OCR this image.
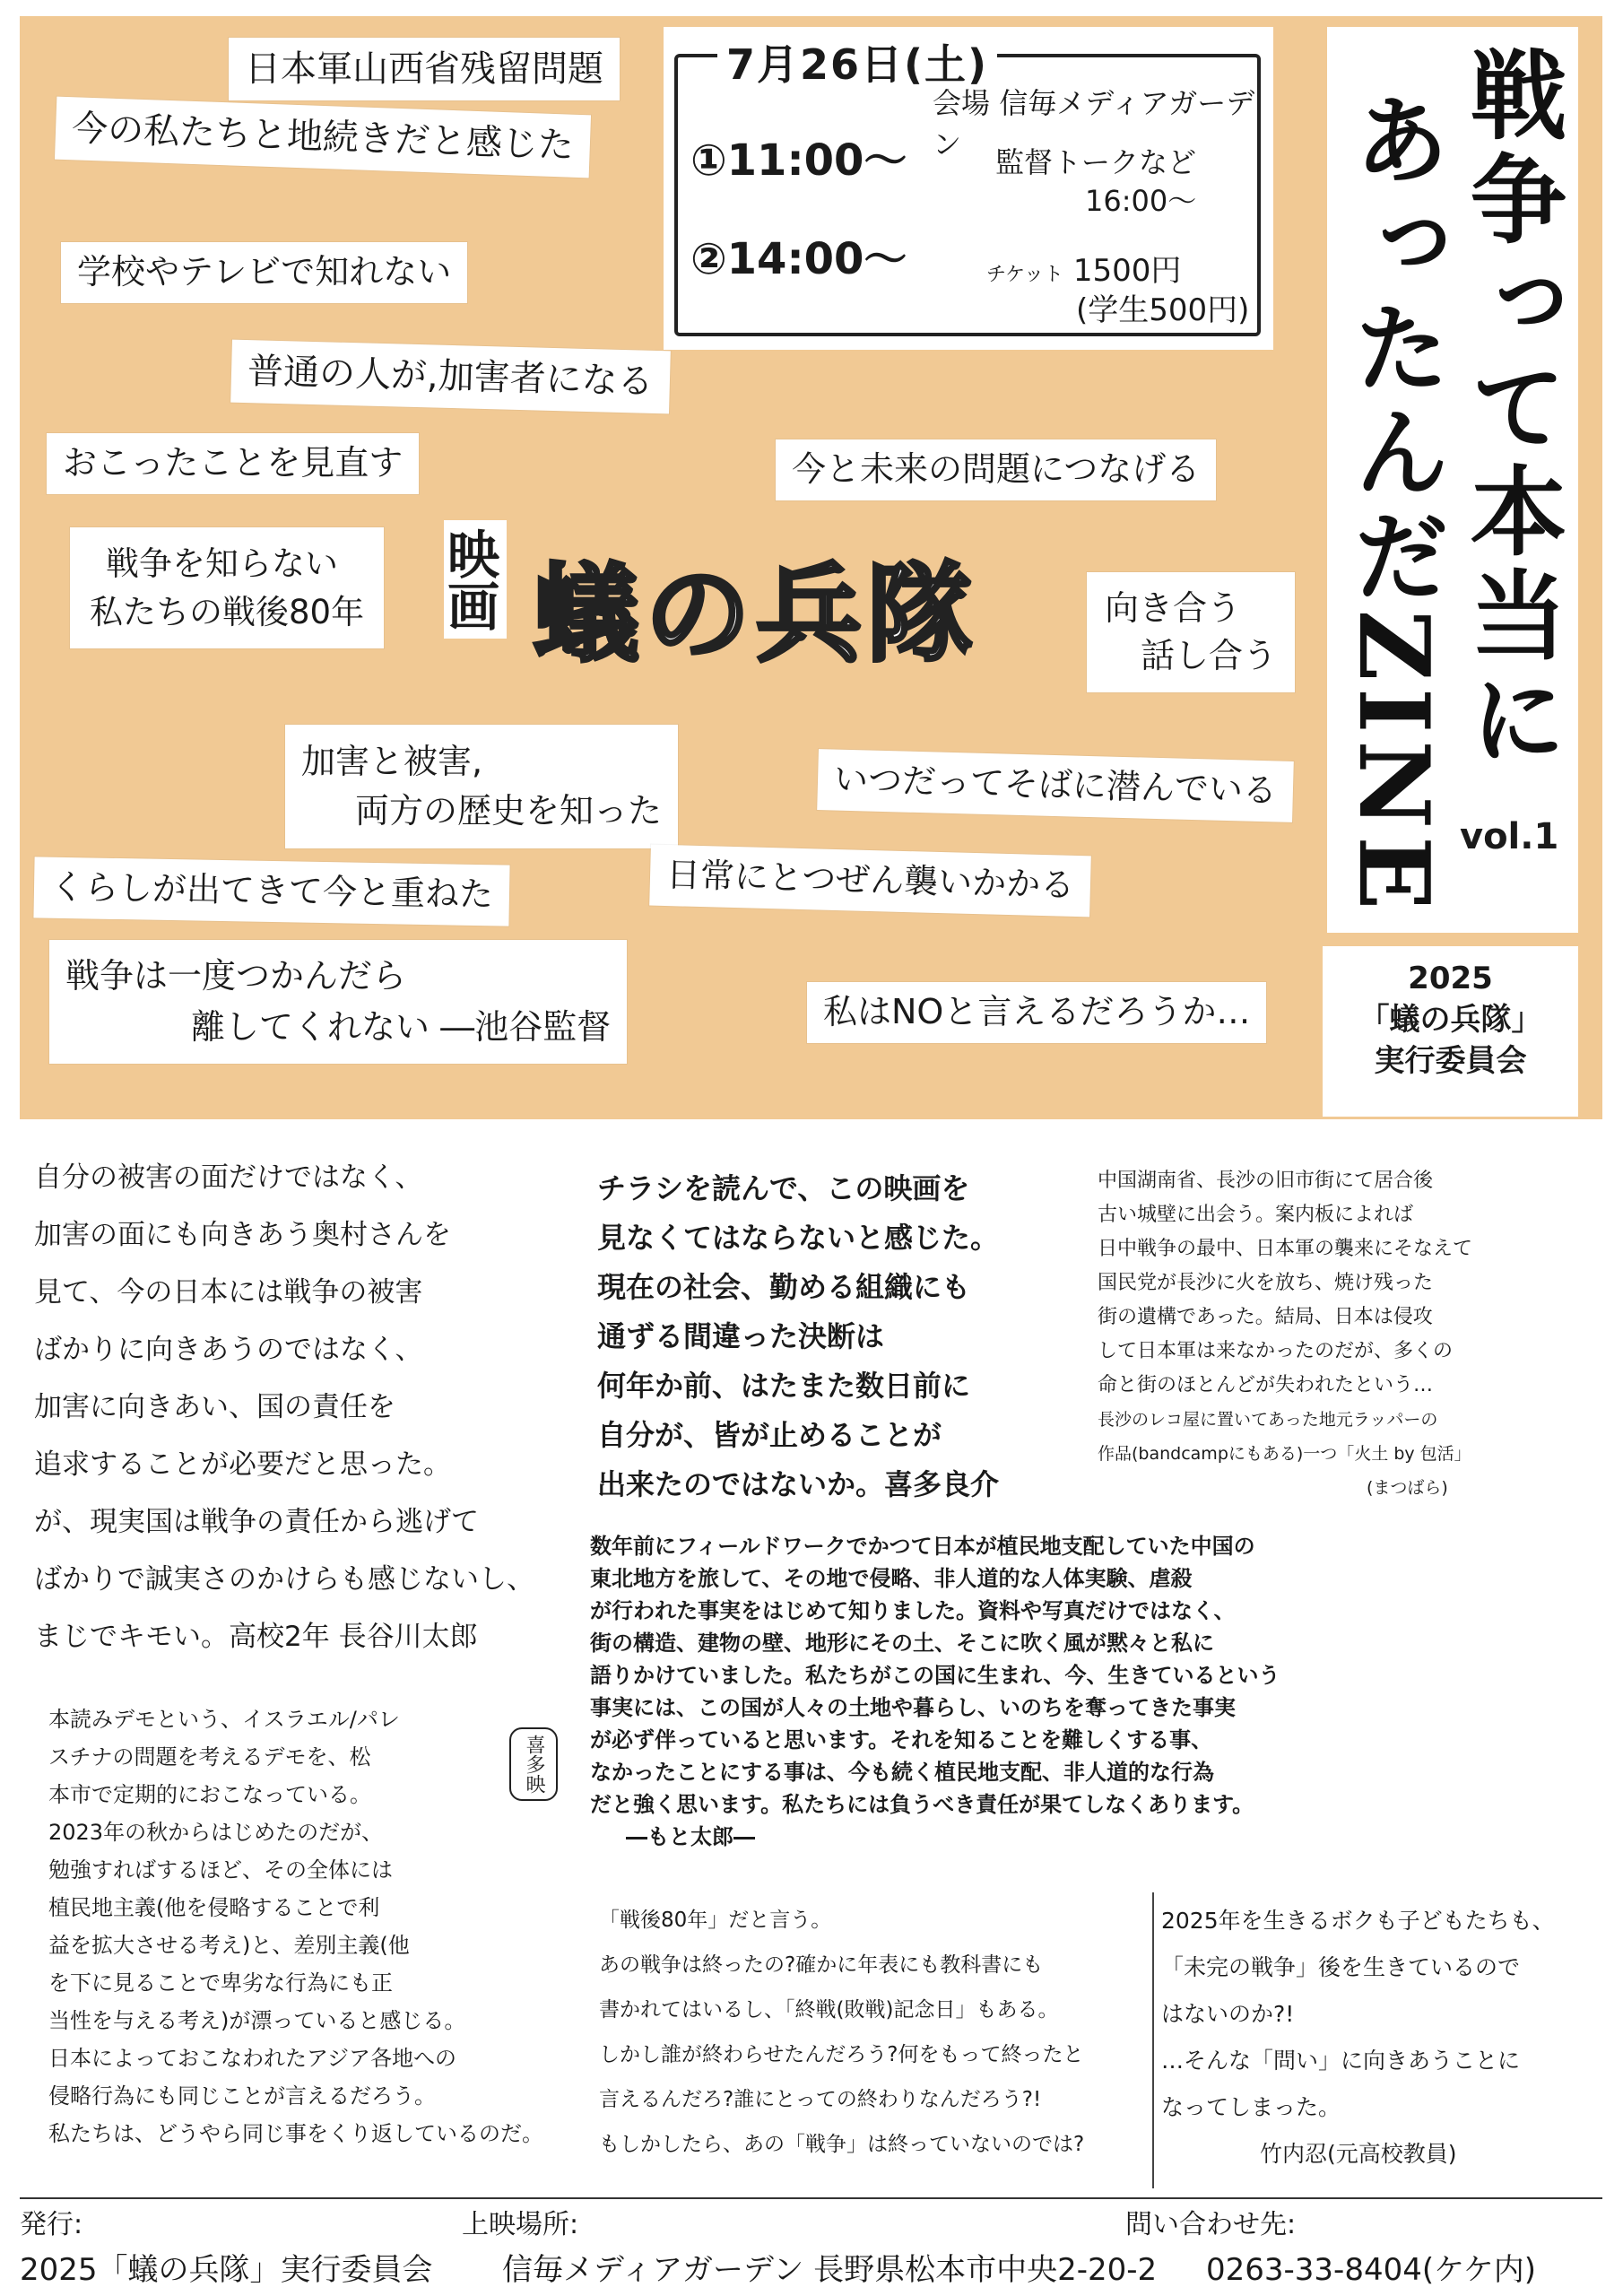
日本軍山西省残留問題
今の私たちと地続きだと感じた
学校やテレビで知れない
普通の人が,加害者になる
おこったことを見直す	今と未来の問題につなげる
戦争を知らない
私たちの戦後80年	向き合う
話し合う
加害と被害,
両方の歴史を知った
いつだってそばに潜んでいる
くらしが出てきて今と重ねた	日常にとつぜん襲いかかる
戦争は一度つかんだら
離してくれない ―池谷監督	私はNOと言えるだろうか…
7月26日(土)
会場 信毎メディアガーデン
①11:00〜
②14:00〜
監督トークなど
16:00〜
チケット 1500円
(学生500円) 戦争って本当に
あったんだZINE vol.1
2025
「蟻の兵隊」
実行委員会
映画 蟻の兵隊
自分の被害の面だけではなく、
加害の面にも向きあう奥村さんを
見て、今の日本には戦争の被害
ばかりに向きあうのではなく、
加害に向きあい、国の責任を
追求することが必要だと思った。
が、現実国は戦争の責任から逃げて
ばかりで誠実さのかけらも感じないし、
まじでキモい。高校2年 長谷川太郎
チラシを読んで、この映画を
見なくてはならないと感じた。
現在の社会、勤める組織にも
通ずる間違った決断は
何年か前、はたまた数日前に
自分が、皆が止めることが
出来たのではないか。喜多良介
中国湖南省、長沙の旧市街にて居合後
古い城壁に出会う。案内板によれば
日中戦争の最中、日本軍の襲来にそなえて
国民党が長沙に火を放ち、焼け残った
街の遺構であった。結局、日本は侵攻
して日本軍は来なかったのだが、多くの
命と街のほとんどが失われたという…
長沙のレコ屋に置いてあった地元ラッパーの
作品(bandcampにもある)一つ「火土 by 包活」
(まつばら)
数年前にフィールドワークでかつて日本が植民地支配していた中国の
東北地方を旅して、その地で侵略、非人道的な人体実験、虐殺
が行われた事実をはじめて知りました。資料や写真だけではなく、
街の構造、建物の壁、地形にその土、そこに吹く風が黙々と私に
語りかけていました。私たちがこの国に生まれ、今、生きているという
事実には、この国が人々の土地や暮らし、いのちを奪ってきた事実
が必ず伴っていると思います。それを知ることを難しくする事、
なかったことにする事は、今も続く植民地支配、非人道的な行為
だと強く思います。私たちには負うべき責任が果てしなくあります。
―もと太郎―
本読みデモという、イスラエル/パレ
スチナの問題を考えるデモを、松
本市で定期的におこなっている。
2023年の秋からはじめたのだが、
勉強すればするほど、その全体には
植民地主義(他を侵略することで利
益を拡大させる考え)と、差別主義(他
を下に見ることで卑劣な行為にも正
当性を与える考え)が漂っていると感じる。
日本によっておこなわれたアジア各地への
侵略行為にも同じことが言えるだろう。
私たちは、どうやら同じ事をくり返しているのだ。
喜多映
「戦後80年」だと言う。
あの戦争は終ったの?確かに年表にも教科書にも
書かれてはいるし、「終戦(敗戦)記念日」もある。
しかし誰が終わらせたんだろう?何をもって終ったと
言えるんだろ?誰にとっての終わりなんだろう?!
もしかしたら、あの「戦争」は終っていないのでは?
2025年を生きるボクも子どもたちも、
「未完の戦争」後を生きているので
はないのか?!
…そんな「問い」に向きあうことに
なってしまった。
竹内忍(元高校教員)
発行:
2025「蟻の兵隊」実行委員会
上映場所:
信毎メディアガーデン 長野県松本市中央2-20-2
問い合わせ先:
0263-33-8404(ケケ内)
